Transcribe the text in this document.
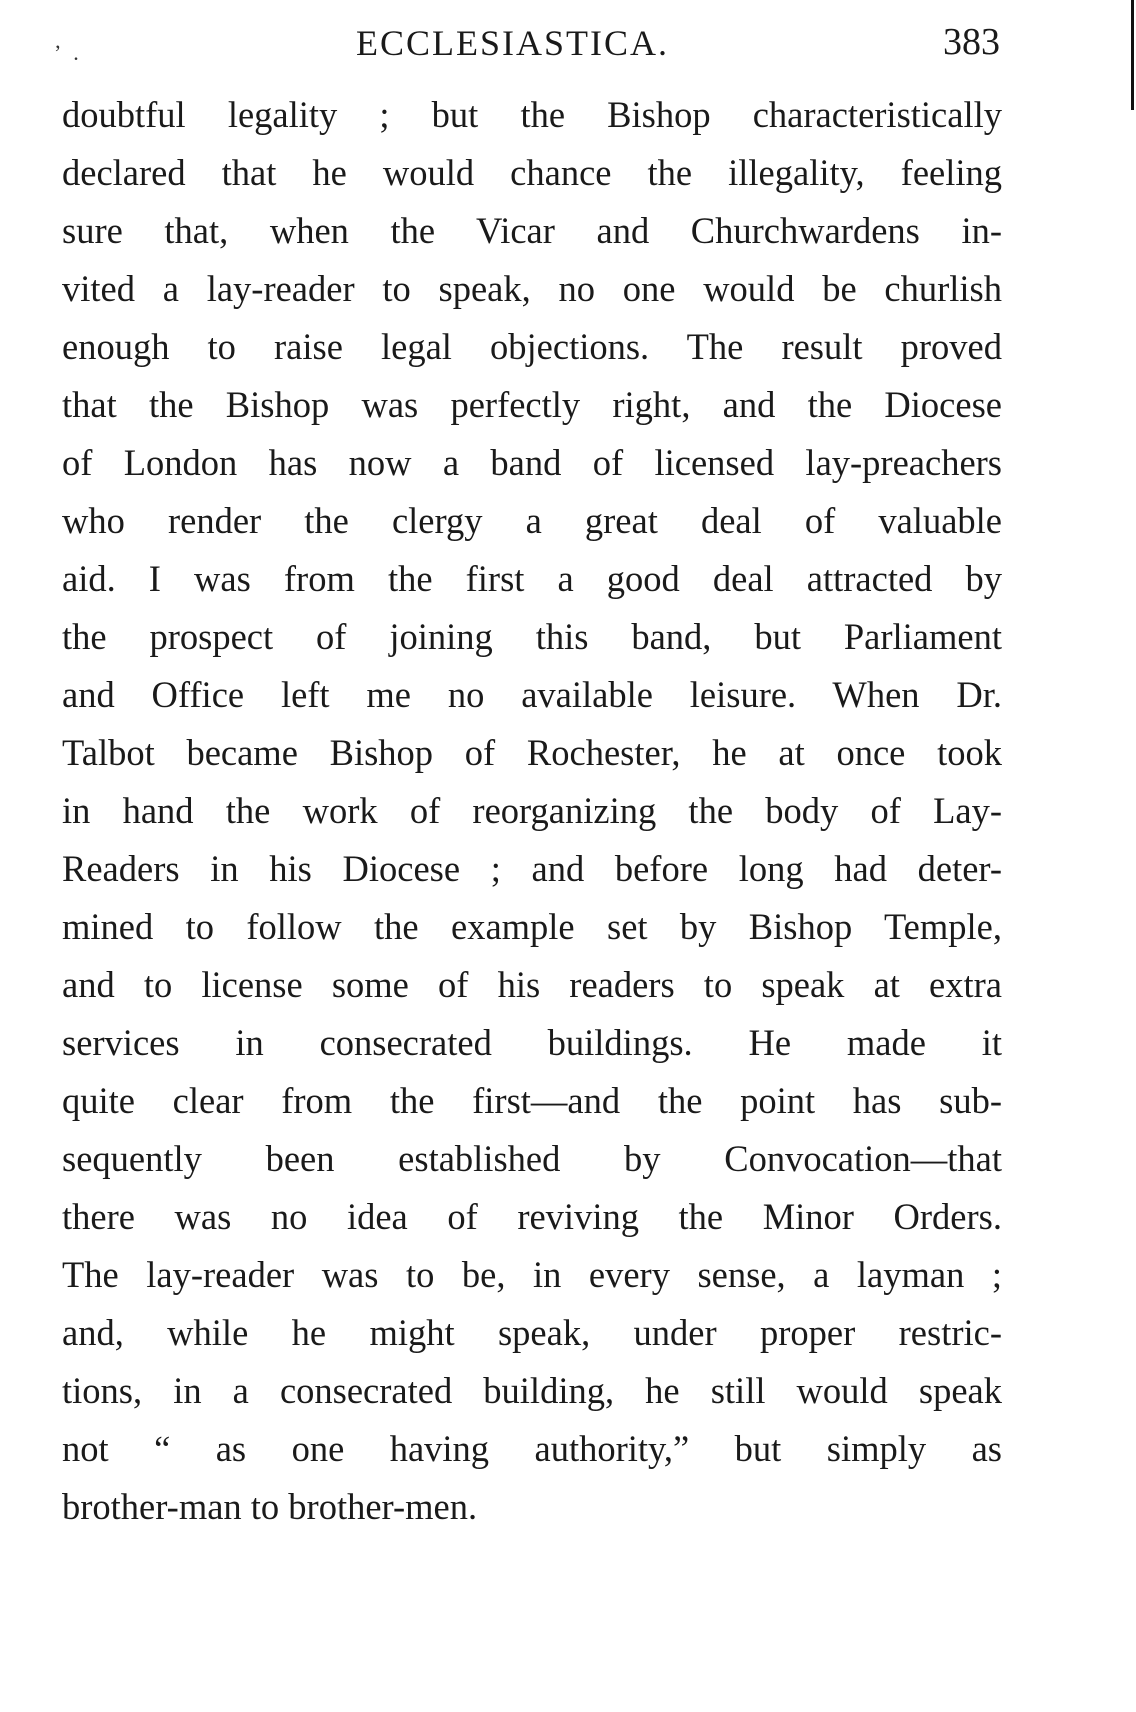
’ .	ECCLESIASTICA.	383
doubtful legality ; but the Bishop characteristically
declared that he would chance the illegality, feeling
sure that, when the Vicar and Churchwardens in-
vited a lay-reader to speak, no one would be churlish
enough to raise legal objections. The result proved
that the Bishop was perfectly right, and the Diocese
of London has now a band of licensed lay-preachers
who render the clergy a great deal of valuable
aid. I was from the first a good deal attracted by
the prospect of joining this band, but Parliament
and Office left me no available leisure. When Dr.
Talbot became Bishop of Rochester, he at once took
in hand the work of reorganizing the body of Lay-
Readers in his Diocese ; and before long had deter-
mined to follow the example set by Bishop Temple,
and to license some of his readers to speak at extra
services in consecrated buildings. He made it
quite clear from the first—and the point has sub-
sequently been established by Convocation—that
there was no idea of reviving the Minor Orders.
The lay-reader was to be, in every sense, a layman ;
and, while he might speak, under proper restric-
tions, in a consecrated building, he still would speak
not “ as one having authority,” but simply as
brother-man to brother-men.
